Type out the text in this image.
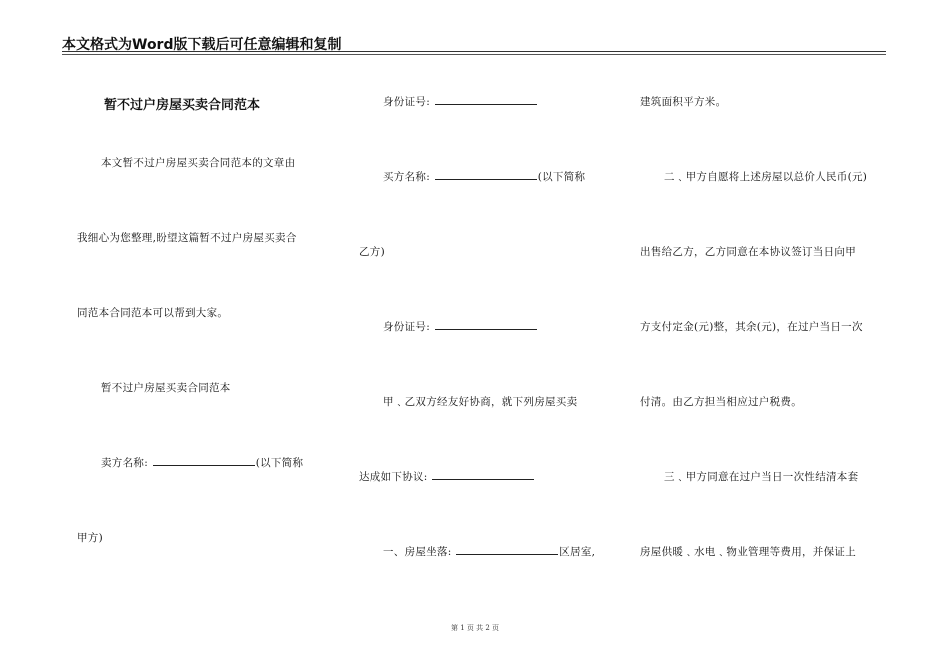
本文格式为Word版下载后可任意编辑和复制
暂不过户房屋买卖合同范本
本文暂不过户房屋买卖合同范本的文章由
我细心为您整理,盼望这篇暂不过户房屋买卖合
同范本合同范本可以帮到大家。
暂不过户房屋买卖合同范本
卖方名称:	(以下简称
甲方)
身份证号:
买方名称:	(以下简称
乙方)
身份证号:
甲﹑乙双方经友好协商，就下列房屋买卖
达成如下协议:
一、房屋坐落:	区居室,
建筑面积平方米。
二﹑甲方自愿将上述房屋以总价人民币(元)
出售给乙方，乙方同意在本协议签订当日向甲
方支付定金(元)整，其余(元)，在过户当日一次
付清。由乙方担当相应过户税费。
三﹑甲方同意在过户当日一次性结清本套
房屋供暖﹑水电﹑物业管理等费用，并保证上
第 1 页 共 2 页
